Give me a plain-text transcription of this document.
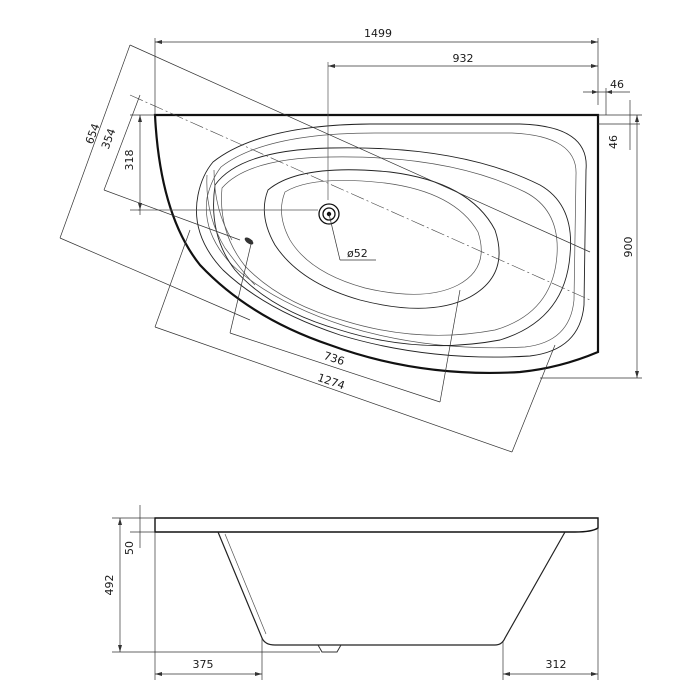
ø52
1499
932
46
46
900
318
354
654
736
1274
50
492
375	312
